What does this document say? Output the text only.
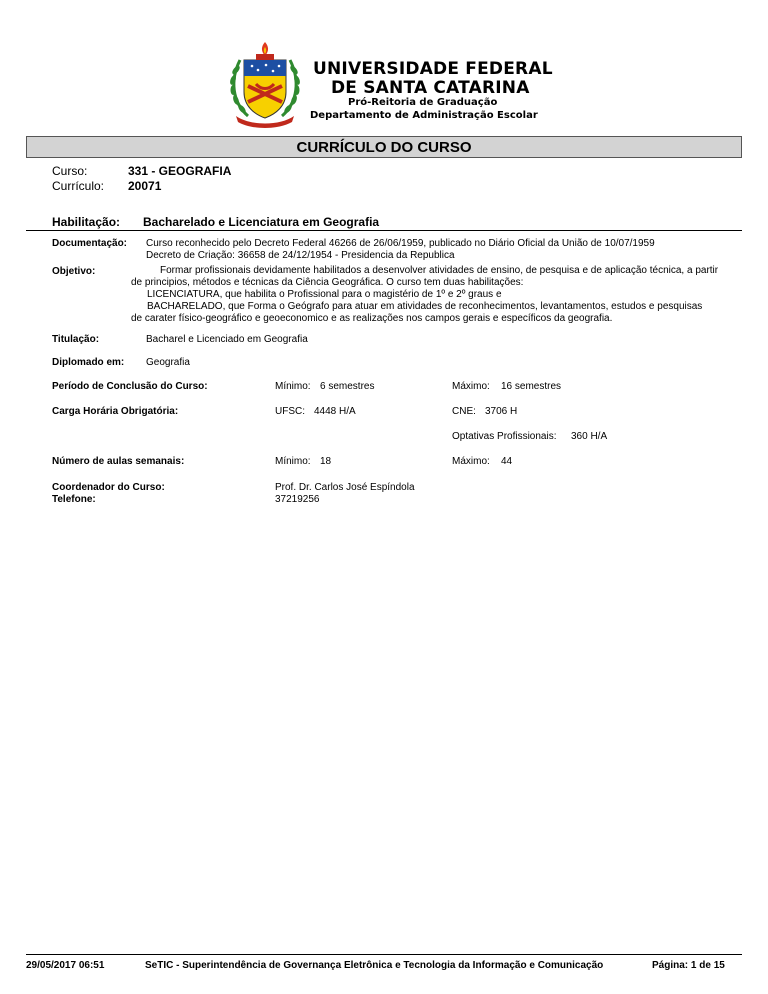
UNIVERSIDADE FEDERAL
DE SANTA CATARINA
Pró-Reitoria de Graduação
Departamento de Administração Escolar
CURRÍCULO DO CURSO
Curso:	331 - GEOGRAFIA
Currículo: 20071
Habilitação: Bacharelado e Licenciatura em Geografia
Documentação: Curso reconhecido pelo Decreto Federal 46266 de 26/06/1959, publicado no Diário Oficial da União de 10/07/1959
Decreto de Criação: 36658 de 24/12/1954 - Presidencia da Republica
Objetivo:	Formar profissionais devidamente habilitados a desenvolver atividades de ensino, de pesquisa e de aplicação técnica, a partir
de principios, métodos e técnicas da Ciência Geográfica. O curso tem duas habilitações:
LICENCIATURA, que habilita o Profissional para o magistério de 1º e 2º graus e
BACHARELADO, que Forma o Geógrafo para atuar em atividades de reconhecimentos, levantamentos, estudos e pesquisas
de carater físico-geográfico e geoeconomico e as realizações nos campos gerais e específicos da geografia.
Titulação:	Bacharel e Licenciado em Geografia
Diplomado em: Geografia
Período de Conclusão do Curso:	Mínimo: 6 semestres	Máximo: 16 semestres
Carga Horária Obrigatória:	UFSC: 4448 H/A	CNE: 3706 H
Optativas Profissionais: 360 H/A
Número de aulas semanais:	Mínimo: 18	Máximo: 44
Coordenador do Curso:	Prof. Dr. Carlos José Espíndola
Telefone:	37219256
29/05/2017 06:51	SeTIC - Superintendência de Governança Eletrônica e Tecnologia da Informação e Comunicação	Página: 1 de 15
